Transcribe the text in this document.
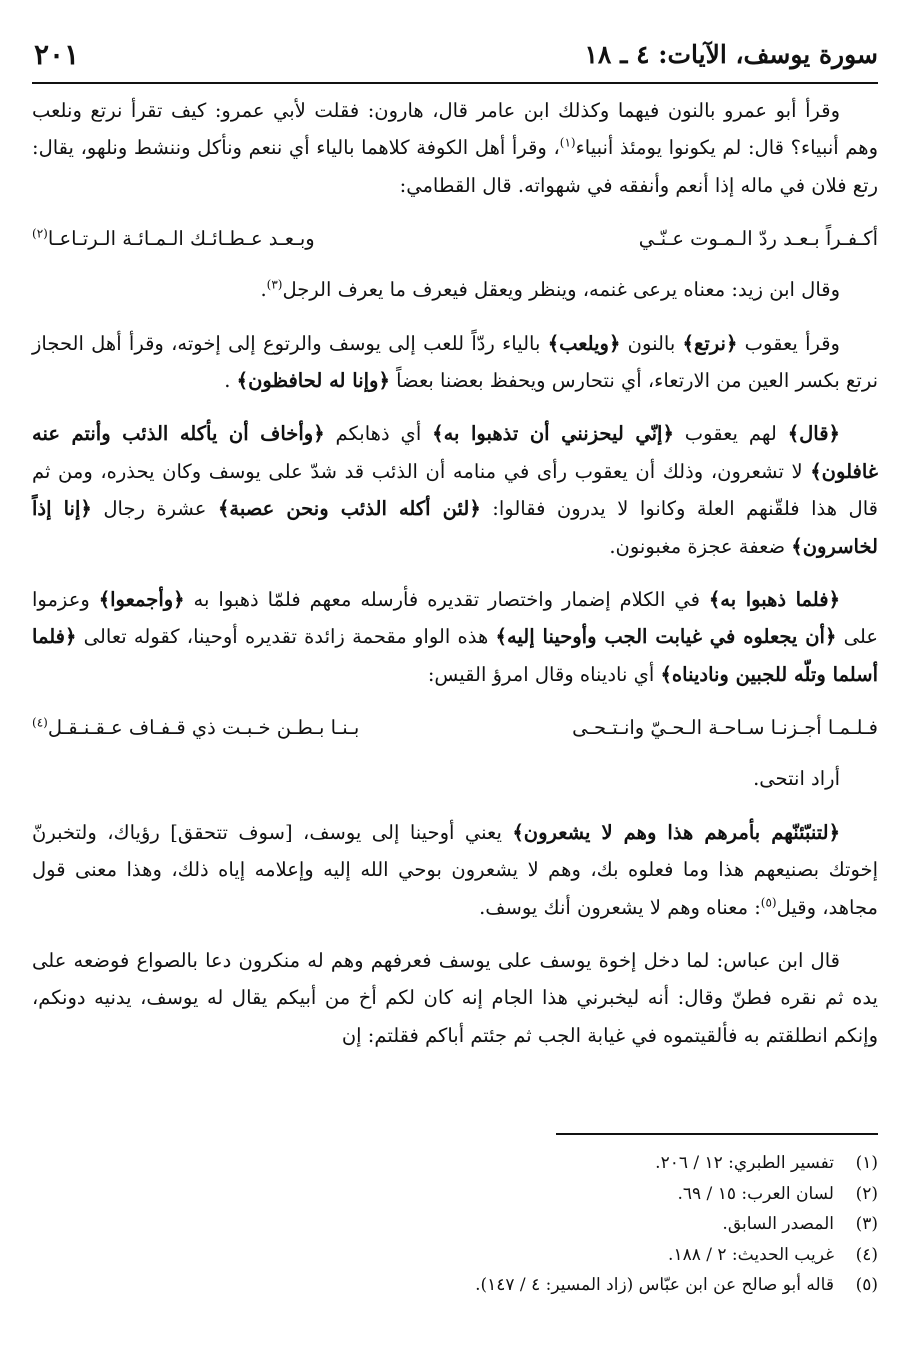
سورة يوسف، الآيات: ٤ ـ ١٨
٢٠١

وقرأ أبو عمرو بالنون فيهما وكذلك ابن عامر قال، هارون: فقلت لأبي عمرو: كيف تقرأ نرتع ونلعب وهم أنبياء؟ قال: لم يكونوا يومئذ أنبياء$^{(١)}$، وقرأ أهل الكوفة كلاهما بالياء أي ننعم ونأكل وننشط ونلهو، يقال: رتع فلان في ماله إذا أنعم وأنفقه في شهواته. قال القطامي:

أكـفـراً بـعـد ردّ الـمـوت عـنّـي
وبـعـد عـطـائـك الـمـائـة الـرتـاعـا$^{(٢)}$

وقال ابن زيد: معناه يرعى غنمه، وينظر ويعقل فيعرف ما يعرف الرجل$^{(٣)}$.

وقرأ يعقوب ﴿نرتع﴾ بالنون ﴿ويلعب﴾ بالياء ردّاً للعب إلى يوسف والرتوع إلى إخوته، وقرأ أهل الحجاز نرتع بكسر العين من الارتعاء، أي نتحارس ويحفظ بعضنا بعضاً ﴿وإنا له لحافظون﴾ .

﴿قال﴾ لهم يعقوب ﴿إنّي ليحزنني أن تذهبوا به﴾ أي ذهابكم ﴿وأخاف أن يأكله الذئب وأنتم عنه غافلون﴾ لا تشعرون، وذلك أن يعقوب رأى في منامه أن الذئب قد شدّ على يوسف وكان يحذره، ومن ثم قال هذا فلقّنهم العلة وكانوا لا يدرون فقالوا: ﴿لئن أكله الذئب ونحن عصبة﴾ عشرة رجال ﴿إنا إذاً لخاسرون﴾ ضعفة عجزة مغبونون.

﴿فلما ذهبوا به﴾ في الكلام إضمار واختصار تقديره فأرسله معهم فلمّا ذهبوا به ﴿وأجمعوا﴾ وعزموا على ﴿أن يجعلوه في غيابت الجب وأوحينا إليه﴾ هذه الواو مقحمة زائدة تقديره أوحينا، كقوله تعالى ﴿فلما أسلما وتلّه للجبين وناديناه﴾ أي ناديناه وقال امرؤ القيس:

فـلـمـا أجـزنـا سـاحـة الـحـيّ وانـتـحـى
بـنـا بـطـن خـبـت ذي قـفـاف عـقـنـقـل$^{(٤)}$

أراد انتحى.

﴿لتنبّئنّهم بأمرهم هذا وهم لا يشعرون﴾ يعني أوحينا إلى يوسف، [سوف تتحقق] رؤياك، ولتخبرنّ إخوتك بصنيعهم هذا وما فعلوه بك، وهم لا يشعرون بوحي الله إليه وإعلامه إياه ذلك، وهذا معنى قول مجاهد، وقيل$^{(٥)}$: معناه وهم لا يشعرون أنك يوسف.

قال ابن عباس: لما دخل إخوة يوسف على يوسف فعرفهم وهم له منكرون دعا بالصواع فوضعه على يده ثم نقره فطنّ وقال: أنه ليخبرني هذا الجام إنه كان لكم أخ من أبيكم يقال له يوسف، يدنيه دونكم، وإنكم انطلقتم به فألقيتموه في غيابة الجب ثم جئتم أباكم فقلتم: إن

(١)
تفسير الطبري: ١٢ / ٢٠٦.
(٢)
لسان العرب: ١٥ / ٦٩.
(٣)
المصدر السابق.
(٤)
غريب الحديث: ٢ / ١٨٨.
(٥)
قاله أبو صالح عن ابن عبّاس (زاد المسير: ٤ / ١٤٧).
